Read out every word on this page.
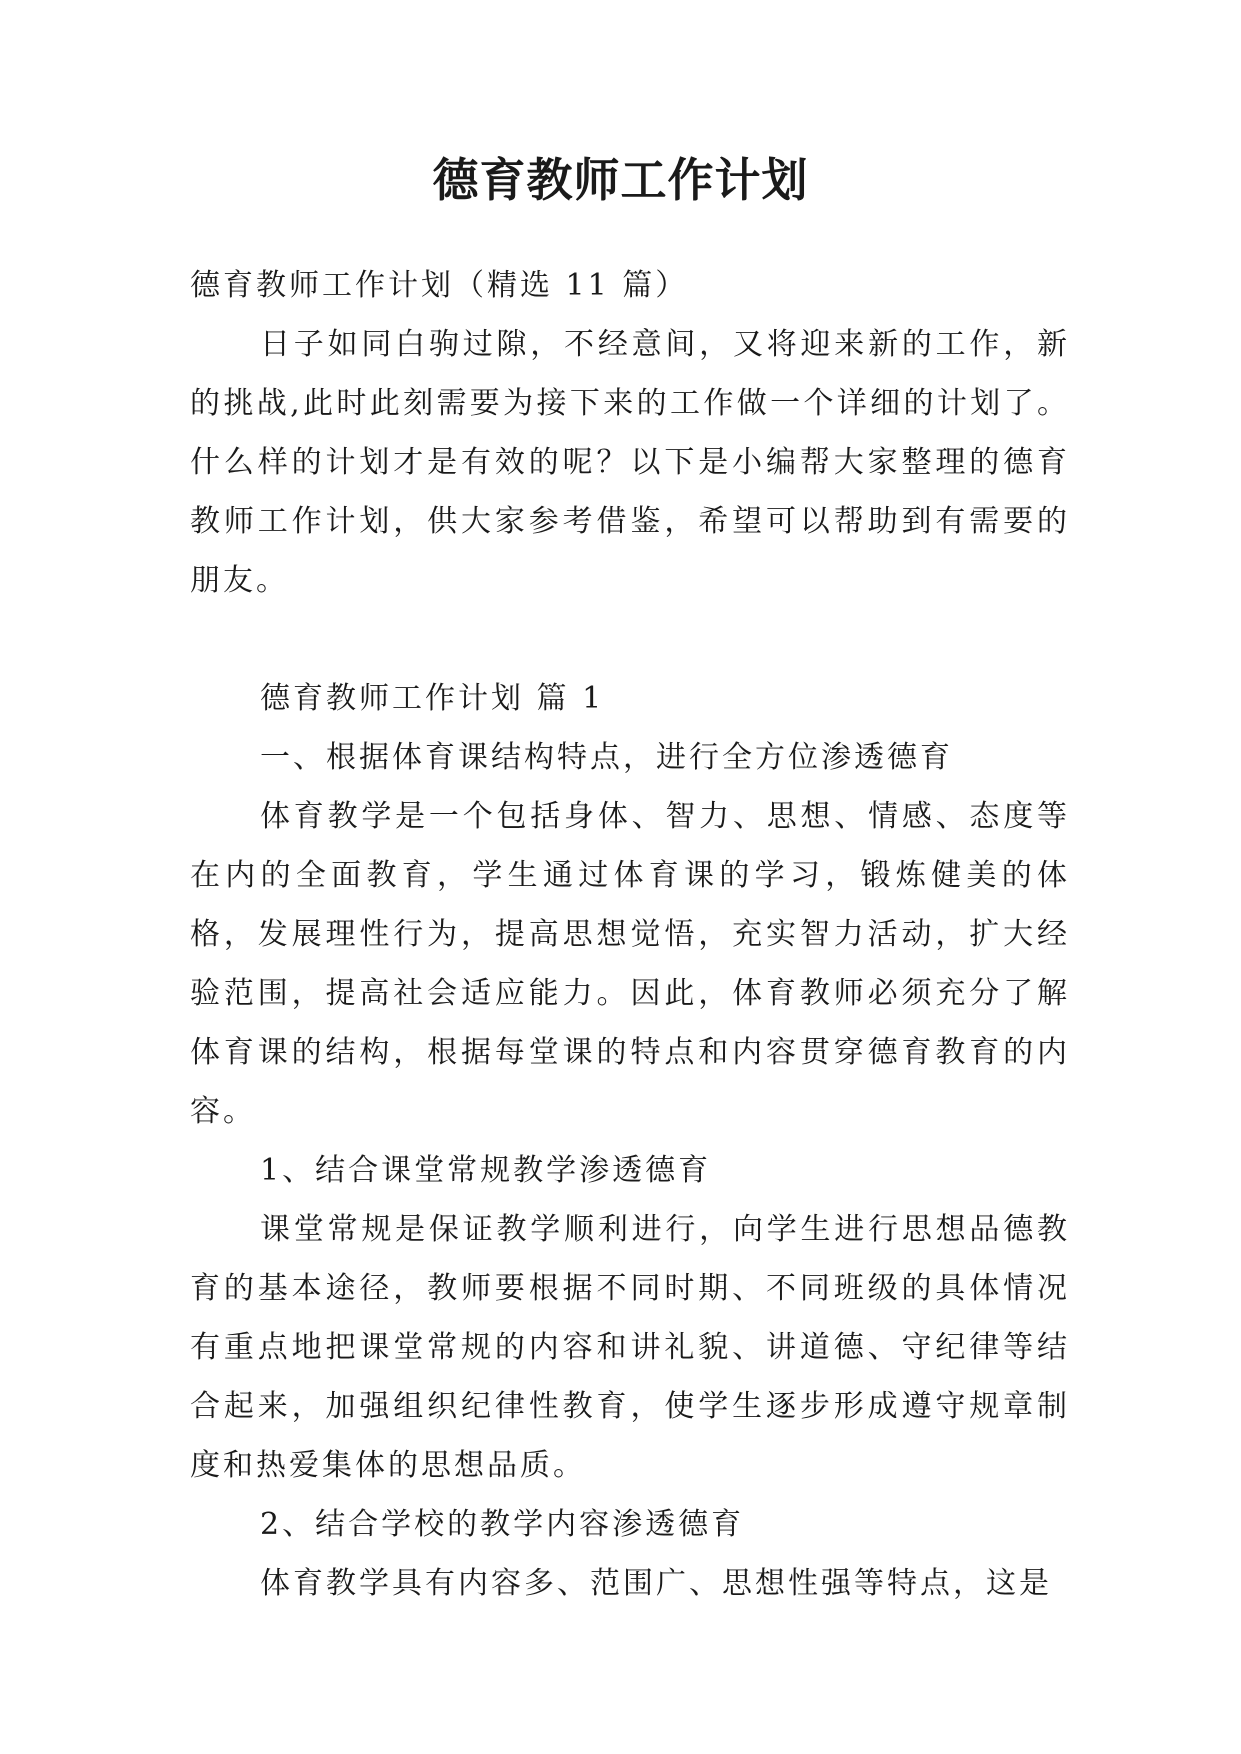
德育教师工作计划

德育教师工作计划（精选 11 篇）

日子如同白驹过隙，不经意间，又将迎来新的工作，新的挑战,此时此刻需要为接下来的工作做一个详细的计划了。什么样的计划才是有效的呢？以下是小编帮大家整理的德育教师工作计划，供大家参考借鉴，希望可以帮助到有需要的朋友。

德育教师工作计划 篇 1

一、根据体育课结构特点，进行全方位渗透德育

体育教学是一个包括身体、智力、思想、情感、态度等在内的全面教育，学生通过体育课的学习，锻炼健美的体格，发展理性行为，提高思想觉悟，充实智力活动，扩大经验范围，提高社会适应能力。因此，体育教师必须充分了解体育课的结构，根据每堂课的特点和内容贯穿德育教育的内容。

1、结合课堂常规教学渗透德育

课堂常规是保证教学顺利进行，向学生进行思想品德教育的基本途径，教师要根据不同时期、不同班级的具体情况有重点地把课堂常规的内容和讲礼貌、讲道德、守纪律等结合起来，加强组织纪律性教育，使学生逐步形成遵守规章制度和热爱集体的思想品质。

2、结合学校的教学内容渗透德育

体育教学具有内容多、范围广、思想性强等特点，这是
